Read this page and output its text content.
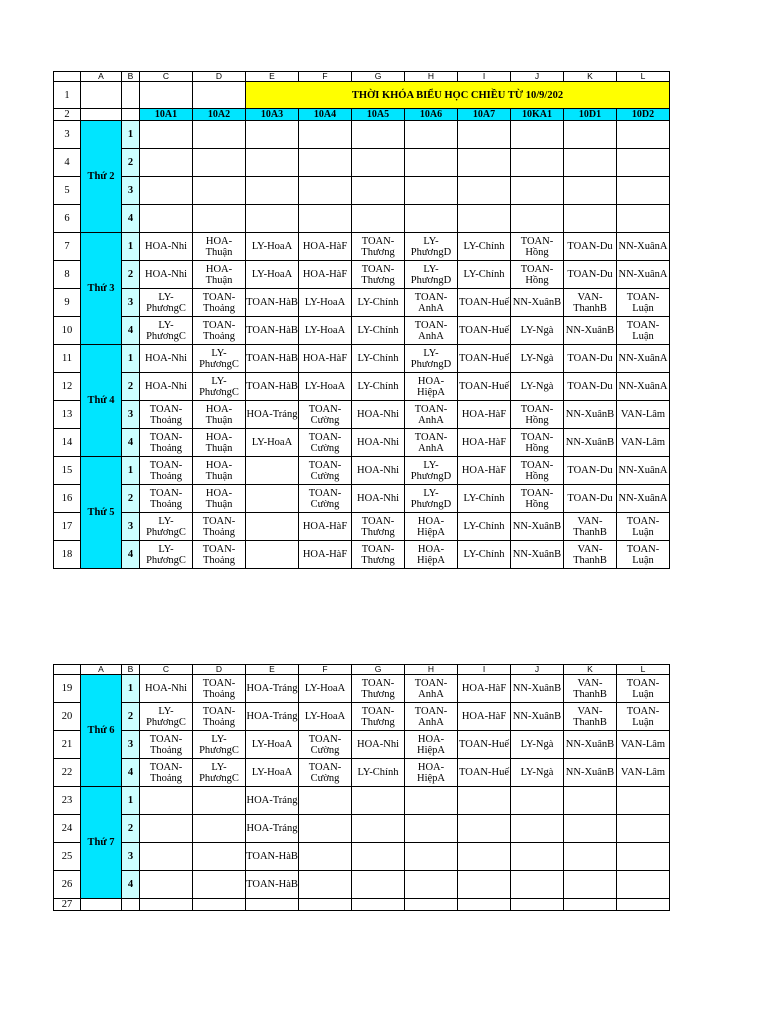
	A	B	C	D	E	F	G	H	I	J	K	L
1					THỜI KHÓA BIỂU HỌC CHIỀU TỪ 10/9/202							
2			10A1	10A2	10A3	10A4	10A5	10A6	10A7	10KA1	10D1	10D2
3	Thứ 2	1										
4		2										
5		3										
6		4										
7	Thứ 3	1	HOA-Nhi	HOA-Thuận	LY-HoaA	HOA-HàF	TOAN-Thương	LY-PhươngD	LY-Chính	TOAN-Hồng	TOAN-Du	NN-XuânA
8		2	HOA-Nhi	HOA-Thuận	LY-HoaA	HOA-HàF	TOAN-Thương	LY-PhươngD	LY-Chính	TOAN-Hồng	TOAN-Du	NN-XuânA
9		3	LY-PhươngC	TOAN-Thoảng	TOAN-HàB	LY-HoaA	LY-Chính	TOAN-AnhA	TOAN-Huế	NN-XuânB	VAN-ThanhB	TOAN-Luận
10		4	LY-PhươngC	TOAN-Thoảng	TOAN-HàB	LY-HoaA	LY-Chính	TOAN-AnhA	TOAN-Huế	LY-Ngà	NN-XuânB	TOAN-Luận
11	Thứ 4	1	HOA-Nhi	LY-PhươngC	TOAN-HàB	HOA-HàF	LY-Chính	LY-PhươngD	TOAN-Huế	LY-Ngà	TOAN-Du	NN-XuânA
12		2	HOA-Nhi	LY-PhươngC	TOAN-HàB	LY-HoaA	LY-Chính	HOA-HiệpA	TOAN-Huế	LY-Ngà	TOAN-Du	NN-XuânA
13		3	TOAN-Thoảng	HOA-Thuận	HOA-Tráng	TOAN-Cường	HOA-Nhi	TOAN-AnhA	HOA-HàF	TOAN-Hồng	NN-XuânB	VAN-Lâm
14		4	TOAN-Thoảng	HOA-Thuận	LY-HoaA	TOAN-Cường	HOA-Nhi	TOAN-AnhA	HOA-HàF	TOAN-Hồng	NN-XuânB	VAN-Lâm
15	Thứ 5	1	TOAN-Thoảng	HOA-Thuận		TOAN-Cường	HOA-Nhi	LY-PhươngD	HOA-HàF	TOAN-Hồng	TOAN-Du	NN-XuânA
16		2	TOAN-Thoảng	HOA-Thuận		TOAN-Cường	HOA-Nhi	LY-PhươngD	LY-Chính	TOAN-Hồng	TOAN-Du	NN-XuânA
17		3	LY-PhươngC	TOAN-Thoảng		HOA-HàF	TOAN-Thương	HOA-HiệpA	LY-Chính	NN-XuânB	VAN-ThanhB	TOAN-Luận
18		4	LY-PhươngC	TOAN-Thoảng		HOA-HàF	TOAN-Thương	HOA-HiệpA	LY-Chính	NN-XuânB	VAN-ThanhB	TOAN-Luận
	A	B	C	D	E	F	G	H	I	J	K	L
19	Thứ 6	1	HOA-Nhi	TOAN-Thoảng	HOA-Tráng	LY-HoaA	TOAN-Thương	TOAN-AnhA	HOA-HàF	NN-XuânB	VAN-ThanhB	TOAN-Luận
20		2	LY-PhươngC	TOAN-Thoảng	HOA-Tráng	LY-HoaA	TOAN-Thương	TOAN-AnhA	HOA-HàF	NN-XuânB	VAN-ThanhB	TOAN-Luận
21		3	TOAN-Thoảng	LY-PhươngC	LY-HoaA	TOAN-Cường	HOA-Nhi	HOA-HiệpA	TOAN-Huế	LY-Ngà	NN-XuânB	VAN-Lâm
22		4	TOAN-Thoảng	LY-PhươngC	LY-HoaA	TOAN-Cường	LY-Chính	HOA-HiệpA	TOAN-Huế	LY-Ngà	NN-XuânB	VAN-Lâm
23	Thứ 7	1			HOA-Tráng							
24		2			HOA-Tráng							
25		3			TOAN-HàB							
26		4			TOAN-HàB							
27												
